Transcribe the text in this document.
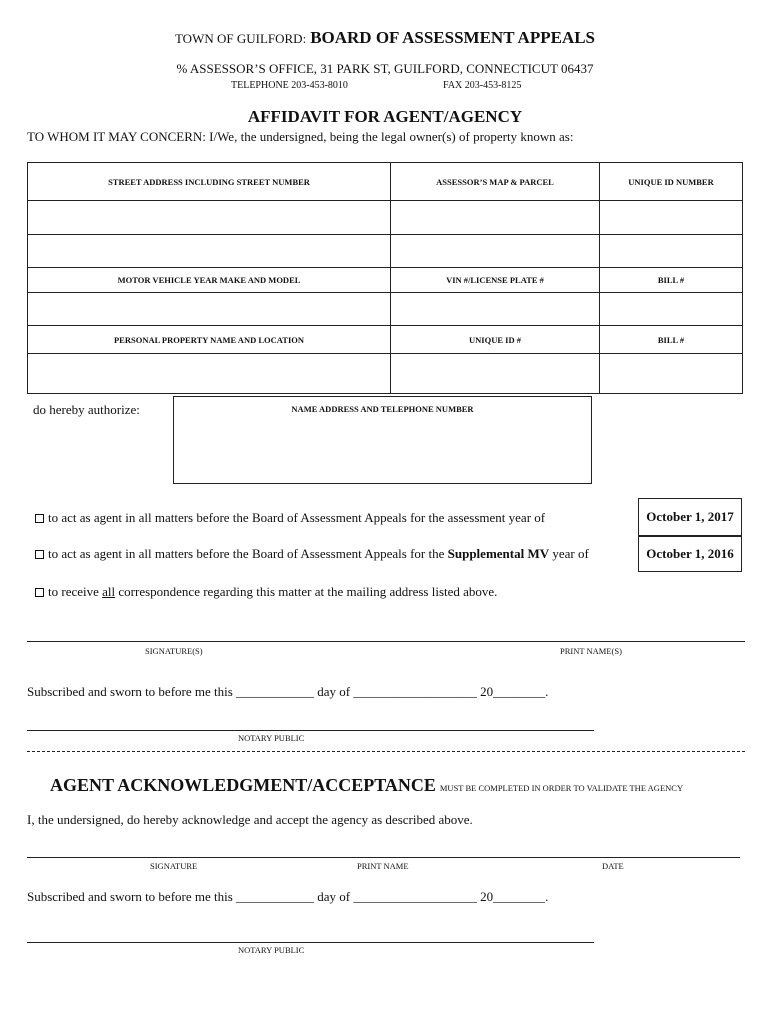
TOWN OF GUILFORD: BOARD OF ASSESSMENT APPEALS
% ASSESSOR’S OFFICE, 31 PARK ST, GUILFORD, CONNECTICUT 06437
TELEPHONE 203-453-8010	FAX 203-453-8125
AFFIDAVIT FOR AGENT/AGENCY
TO WHOM IT MAY CONCERN: I/We, the undersigned, being the legal owner(s) of property known as:
STREET ADDRESS INCLUDING STREET NUMBER	ASSESSOR’S MAP & PARCEL	UNIQUE ID NUMBER

MOTOR VEHICLE YEAR MAKE AND MODEL	VIN #/LICENSE PLATE #	BILL #

PERSONAL PROPERTY NAME AND LOCATION	UNIQUE ID #	BILL #

do hereby authorize:	NAME ADDRESS AND TELEPHONE NUMBER
to act as agent in all matters before the Board of Assessment Appeals for the assessment year of	October 1, 2017
to act as agent in all matters before the Board of Assessment Appeals for the Supplemental MV year of	October 1, 2016
to receive all correspondence regarding this matter at the mailing address listed above.
SIGNATURE(S)	PRINT NAME(S)
Subscribed and sworn to before me this ____________ day of ___________________ 20________.
NOTARY PUBLIC
AGENT ACKNOWLEDGMENT/ACCEPTANCE MUST BE COMPLETED IN ORDER TO VALIDATE THE AGENCY
I, the undersigned, do hereby acknowledge and accept the agency as described above.
SIGNATURE	PRINT NAME	DATE
Subscribed and sworn to before me this ____________ day of ___________________ 20________.
NOTARY PUBLIC
